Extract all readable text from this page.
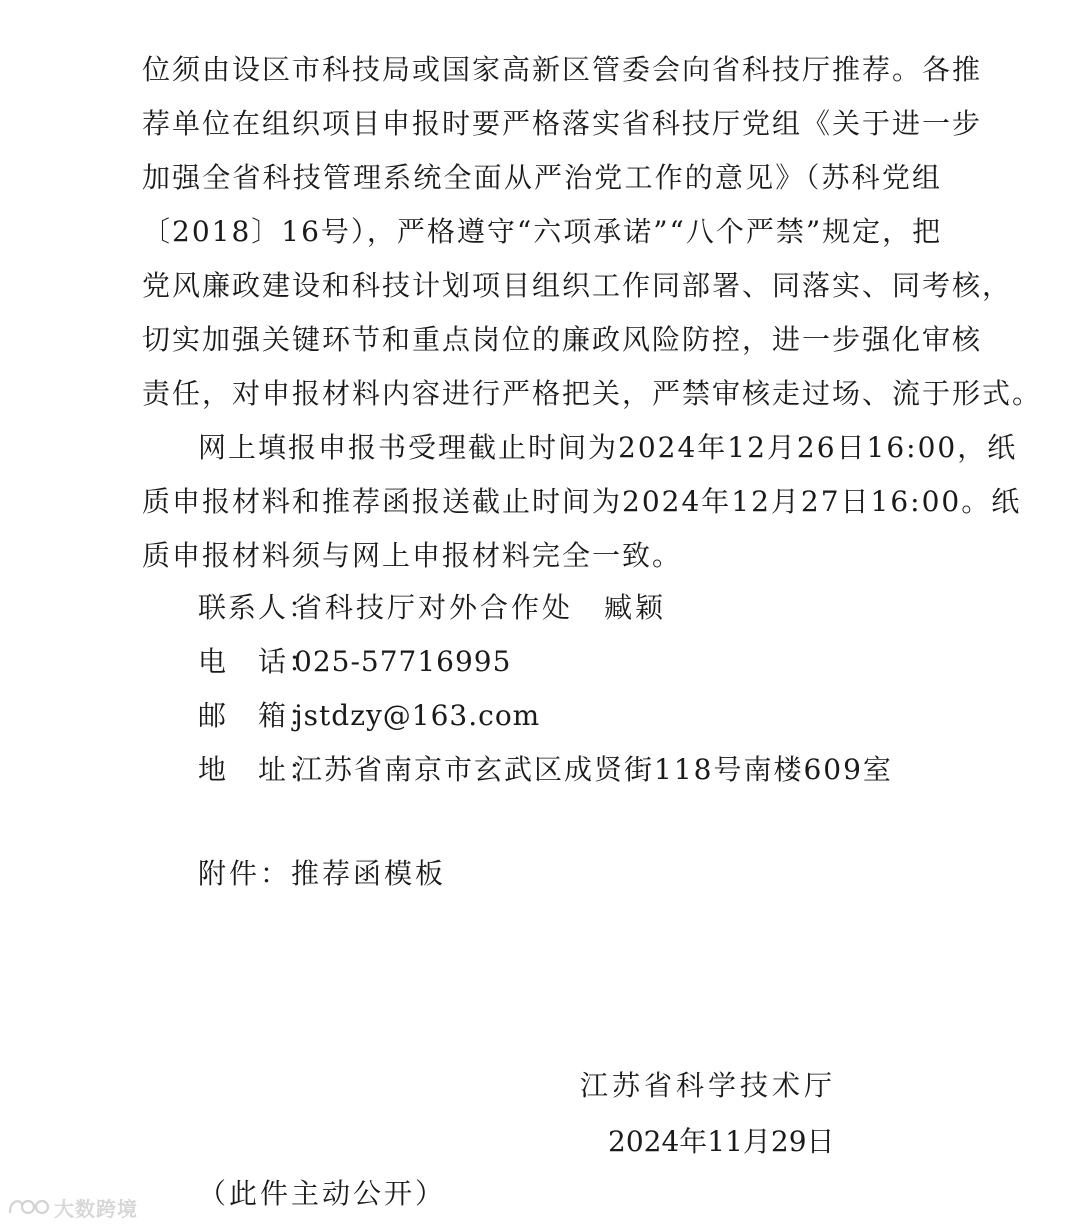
位须由设区市科技局或国家高新区管委会向省科技厅推荐。各推
荐单位在组织项目申报时要严格落实省科技厅党组《关于进一步
加强全省科技管理系统全面从严治党工作的意见》（苏科党组
〔2018〕16号），严格遵守“六项承诺”“八个严禁”规定，把
党风廉政建设和科技计划项目组织工作同部署、同落实、同考核，
切实加强关键环节和重点岗位的廉政风险防控，进一步强化审核
责任，对申报材料内容进行严格把关，严禁审核走过场、流于形式。
网上填报申报书受理截止时间为2024年12月26日16:00，纸
质申报材料和推荐函报送截止时间为2024年12月27日16:00。纸
质申报材料须与网上申报材料完全一致。
联系人：省科技厅对外合作处　臧颖
电　话：025-57716995
邮　箱：jstdzy@163.com
地　址：江苏省南京市玄武区成贤街118号南楼609室
附件：推荐函模板
江苏省科学技术厅
2024年11月29日
（此件主动公开）
大数跨境
